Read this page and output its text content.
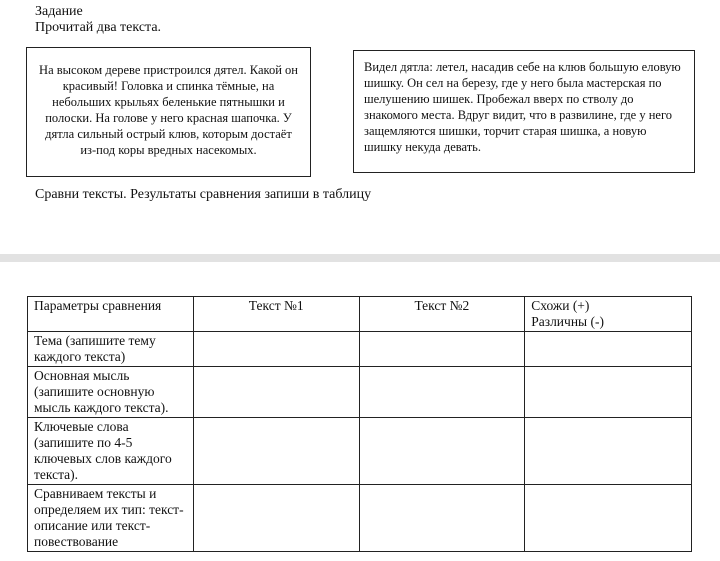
Задание
Прочитай два текста.
На высоком дереве пристроился дятел. Какой он красивый! Головка и спинка тёмные, на небольших крыльях беленькие пятнышки и полоски. На голове у него красная шапочка. У дятла сильный острый клюв, которым достаёт из-под коры вредных насекомых.
Видел дятла: летел, насадив себе на клюв большую еловую шишку. Он сел на березу, где у него была мастерская по шелушению шишек. Пробежал вверх по стволу до знакомого места. Вдруг видит, что в развилине, где у него защемляются шишки, торчит старая шишка, а новую шишку некуда девать.
Сравни тексты. Результаты сравнения запиши в таблицу
Параметры сравнения	Текст №1	Текст №2	Схожи (+)
Различны (-)

Тема (запишите тему каждого текста)			
Основная мысль (запишите основную мысль каждого текста).			
Ключевые слова (запишите по 4-5 ключевых слов каждого текста).			
Сравниваем тексты и определяем их тип: текст-описание или текст-повествование			
